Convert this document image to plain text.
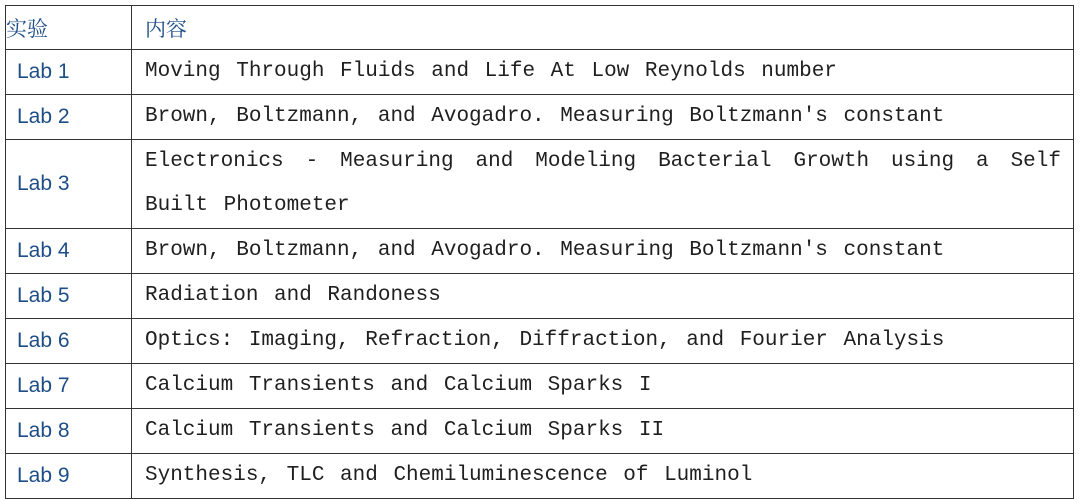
实验	内容
Lab 1	Moving Through Fluids and Life At Low Reynolds number
Lab 2	Brown, Boltzmann, and Avogadro. Measuring Boltzmann's constant
Lab 3	Electronics - Measuring and Modeling Bacterial Growth using a Self Built Photometer
Lab 4	Brown, Boltzmann, and Avogadro. Measuring Boltzmann's constant
Lab 5	Radiation and Randoness
Lab 6	Optics: Imaging, Refraction, Diffraction, and Fourier Analysis
Lab 7	Calcium Transients and Calcium Sparks I
Lab 8	Calcium Transients and Calcium Sparks II
Lab 9	Synthesis, TLC and Chemiluminescence of Luminol
